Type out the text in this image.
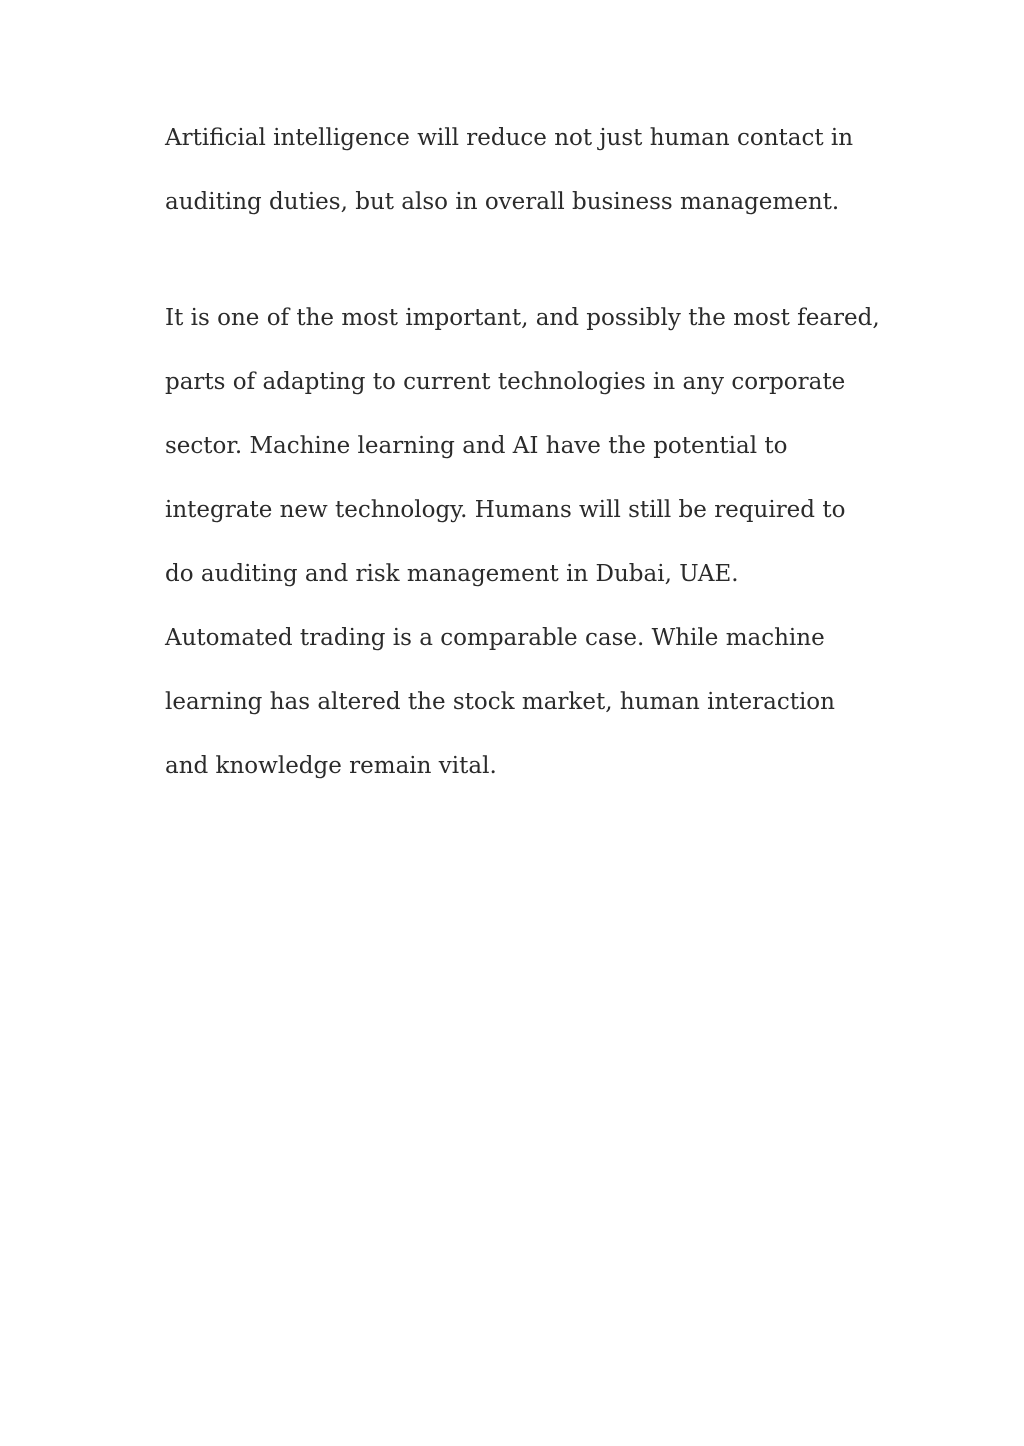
Artificial intelligence will reduce not just human contact in
auditing duties, but also in overall business management.
It is one of the most important, and possibly the most feared,
parts of adapting to current technologies in any corporate
sector. Machine learning and AI have the potential to
integrate new technology. Humans will still be required to
do auditing and risk management in Dubai, UAE.
Automated trading is a comparable case. While machine
learning has altered the stock market, human interaction
and knowledge remain vital.
